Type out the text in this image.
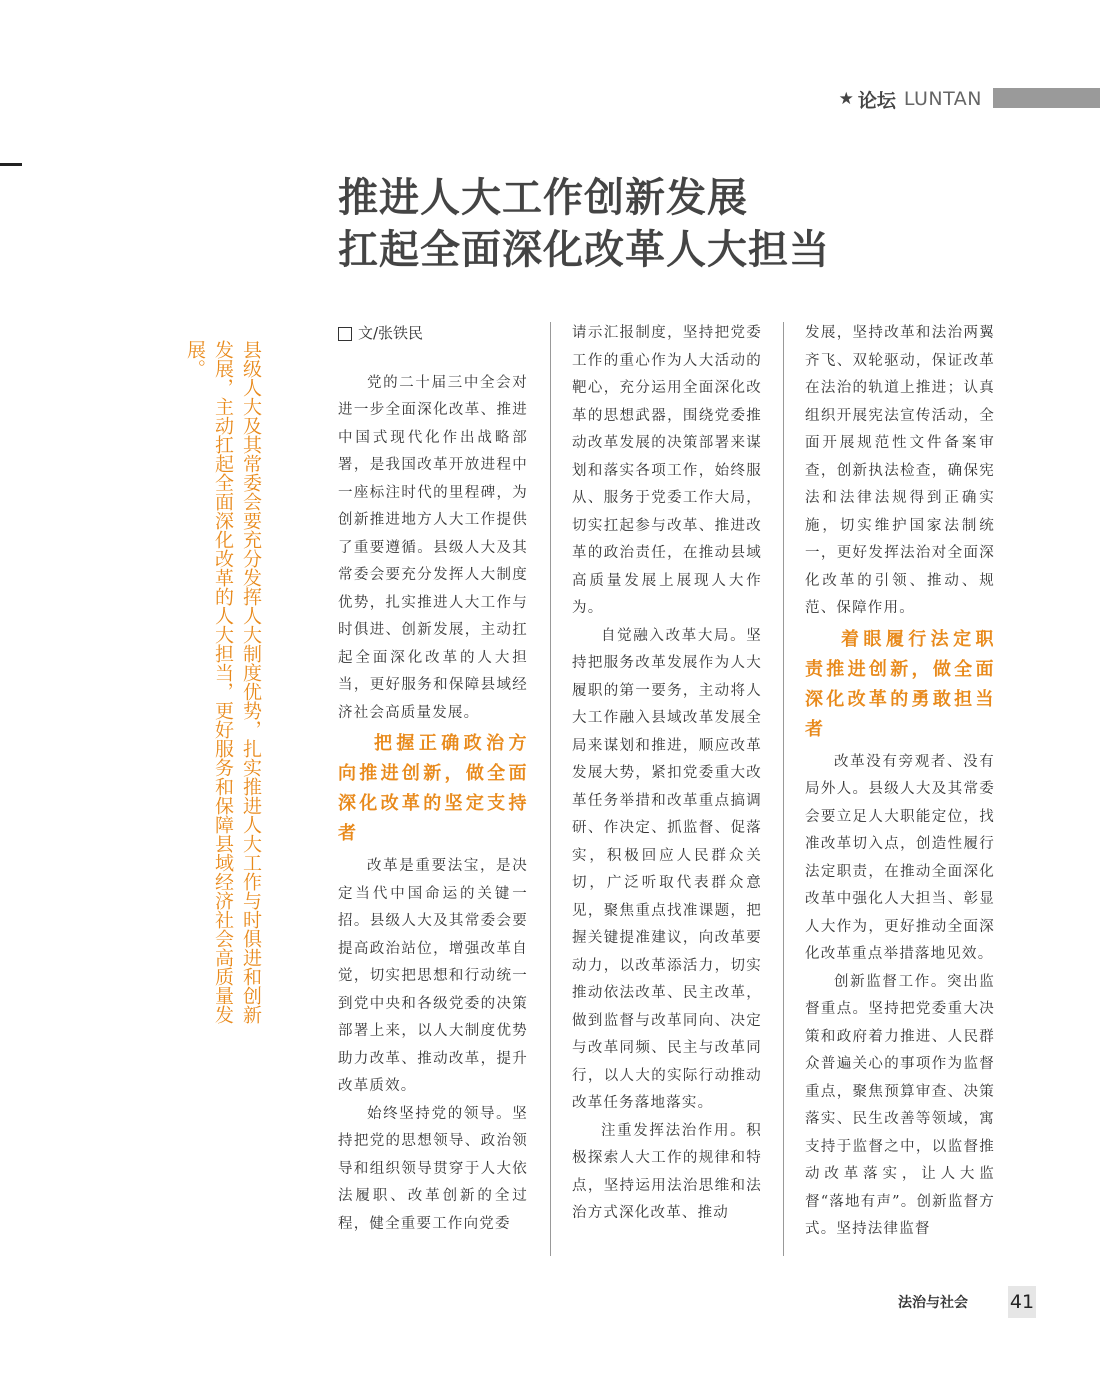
★ 论坛 LUNTAN
推进人大工作创新发展
扛起全面深化改革人大担当
县级人大及其常委会要充分发挥人大制度优势，扎实推进人大工作与时俱进和创新发展，主动扛起全面深化改革的人大担当，更好服务和保障县域经济社会高质量发展。
文/张铁民

党的二十届三中全会对进一步全面深化改革、推进中国式现代化作出战略部署，是我国改革开放进程中一座标注时代的里程碑，为创新推进地方人大工作提供了重要遵循。县级人大及其常委会要充分发挥人大制度优势，扎实推进人大工作与时俱进、创新发展，主动扛起全面深化改革的人大担当，更好服务和保障县域经济社会高质量发展。

把握正确政治方向推进创新，做全面深化改革的坚定支持者

改革是重要法宝，是决定当代中国命运的关键一招。县级人大及其常委会要提高政治站位，增强改革自觉，切实把思想和行动统一到党中央和各级党委的决策部署上来，以人大制度优势助力改革、推动改革，提升改革质效。

始终坚持党的领导。坚持把党的思想领导、政治领导和组织领导贯穿于人大依法履职、改革创新的全过程，健全重要工作向党委

请示汇报制度，坚持把党委工作的重心作为人大活动的靶心，充分运用全面深化改革的思想武器，围绕党委推动改革发展的决策部署来谋划和落实各项工作，始终服从、服务于党委工作大局，切实扛起参与改革、推进改革的政治责任，在推动县域高质量发展上展现人大作为。

自觉融入改革大局。坚持把服务改革发展作为人大履职的第一要务，主动将人大工作融入县域改革发展全局来谋划和推进，顺应改革发展大势，紧扣党委重大改革任务举措和改革重点搞调研、作决定、抓监督、促落实，积极回应人民群众关切，广泛听取代表群众意见，聚焦重点找准课题，把握关键提准建议，向改革要动力，以改革添活力，切实推动依法改革、民主改革，做到监督与改革同向、决定与改革同频、民主与改革同行，以人大的实际行动推动改革任务落地落实。

注重发挥法治作用。积极探索人大工作的规律和特点，坚持运用法治思维和法治方式深化改革、推动

发展，坚持改革和法治两翼齐飞、双轮驱动，保证改革在法治的轨道上推进；认真组织开展宪法宣传活动，全面开展规范性文件备案审查，创新执法检查，确保宪法和法律法规得到正确实施，切实维护国家法制统一，更好发挥法治对全面深化改革的引领、推动、规范、保障作用。

着眼履行法定职责推进创新，做全面深化改革的勇敢担当者

改革没有旁观者、没有局外人。县级人大及其常委会要立足人大职能定位，找准改革切入点，创造性履行法定职责，在推动全面深化改革中强化人大担当、彰显人大作为，更好推动全面深化改革重点举措落地见效。

创新监督工作。突出监督重点。坚持把党委重大决策和政府着力推进、人民群众普遍关心的事项作为监督重点，聚焦预算审查、决策落实、民生改善等领域，寓支持于监督之中，以监督推动改革落实，让人大监督“落地有声”。创新监督方式。坚持法律监督

法治与社会 41
